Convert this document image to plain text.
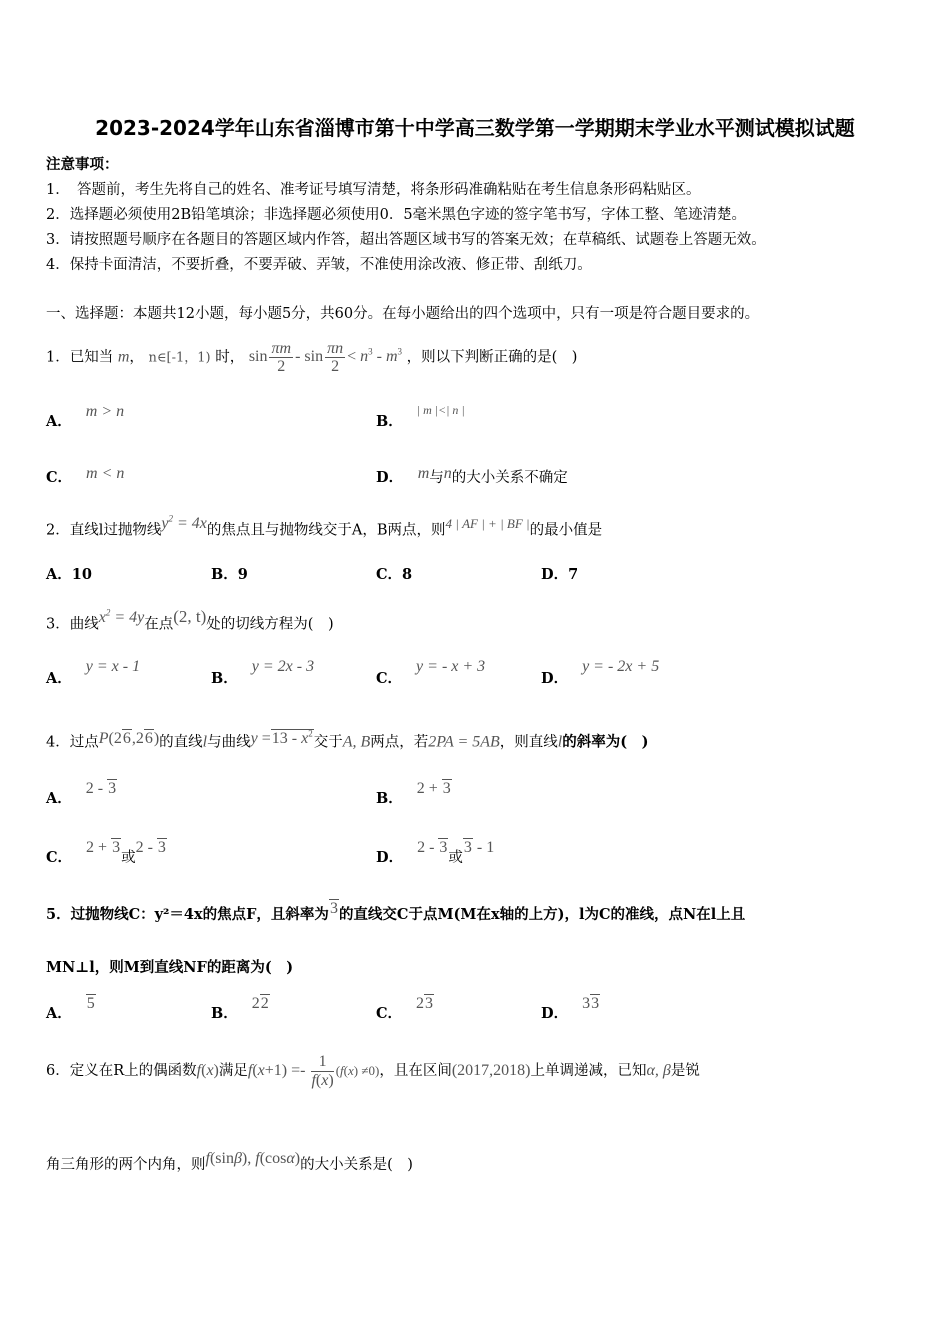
2023-2024学年山东省淄博市第十中学高三数学第一学期期末学业水平测试模拟试题
注意事项：
1．　答题前，考生先将自己的姓名、准考证号填写清楚，将条形码准确粘贴在考生信息条形码粘贴区。
2．选择题必须使用2B铅笔填涂；非选择题必须使用0．5毫米黑色字迹的签字笔书写，字体工整、笔迹清楚。
3．请按照题号顺序在各题目的答题区域内作答，超出答题区域书写的答案无效；在草稿纸、试题卷上答题无效。
4．保持卡面清洁，不要折叠，不要弄破、弄皱，不准使用涂改液、修正带、刮纸刀。
一、选择题：本题共12小题，每小题5分，共60分。在每小题给出的四个选项中，只有一项是符合题目要求的。
1．已知当 m， n∈[-1，1) 时， $\sin \frac{\pi m}{2} - \sin \frac{\pi n}{2} < n^3 - m^3$ ，则以下判断正确的是(　)
A．m > n
B．$^{| m |<| n |}$
C． m < n	D． m与n的大小关系不确定
2．直线l过抛物线$y^2 = 4x$的焦点且与抛物线交于A，B两点，则4 | AF | + | BF |的最小值是
A．10	B．9	C．8	D．7
3．曲线$x^2 = 4y$在点(2, t)处的切线方程为(　)
A．y = x - 1
B．y = 2x - 3
C．y = - x + 3
D．y = - 2x + 5
4．过点P(26,26)的直线l与曲线$y =13 - x^2$交于A, B两点，若2PA = 5AB，则直线l的斜率为(　)
A．2 - 3
B．2 + 3
C．2 + 3或2 - 3
D．2 - 3或3 - 1
5．过抛物线C：y²＝4x的焦点F，且斜率为3的直线交C于点M(M在x轴的上方)，l为C的准线，点N在l上且
MN⊥l，则M到直线NF的距离为(　)
A．5
B．22
C．23
D．33
6．定义在R上的偶函数f(x)满足$f(x+1) =- \frac{1}{f(x)} (f(x) \ne 0)$，且在区间(2017,2018)上单调递减，已知α, β是锐
角三角形的两个内角，则f(sinβ), f(cosα)的大小关系是(　)
